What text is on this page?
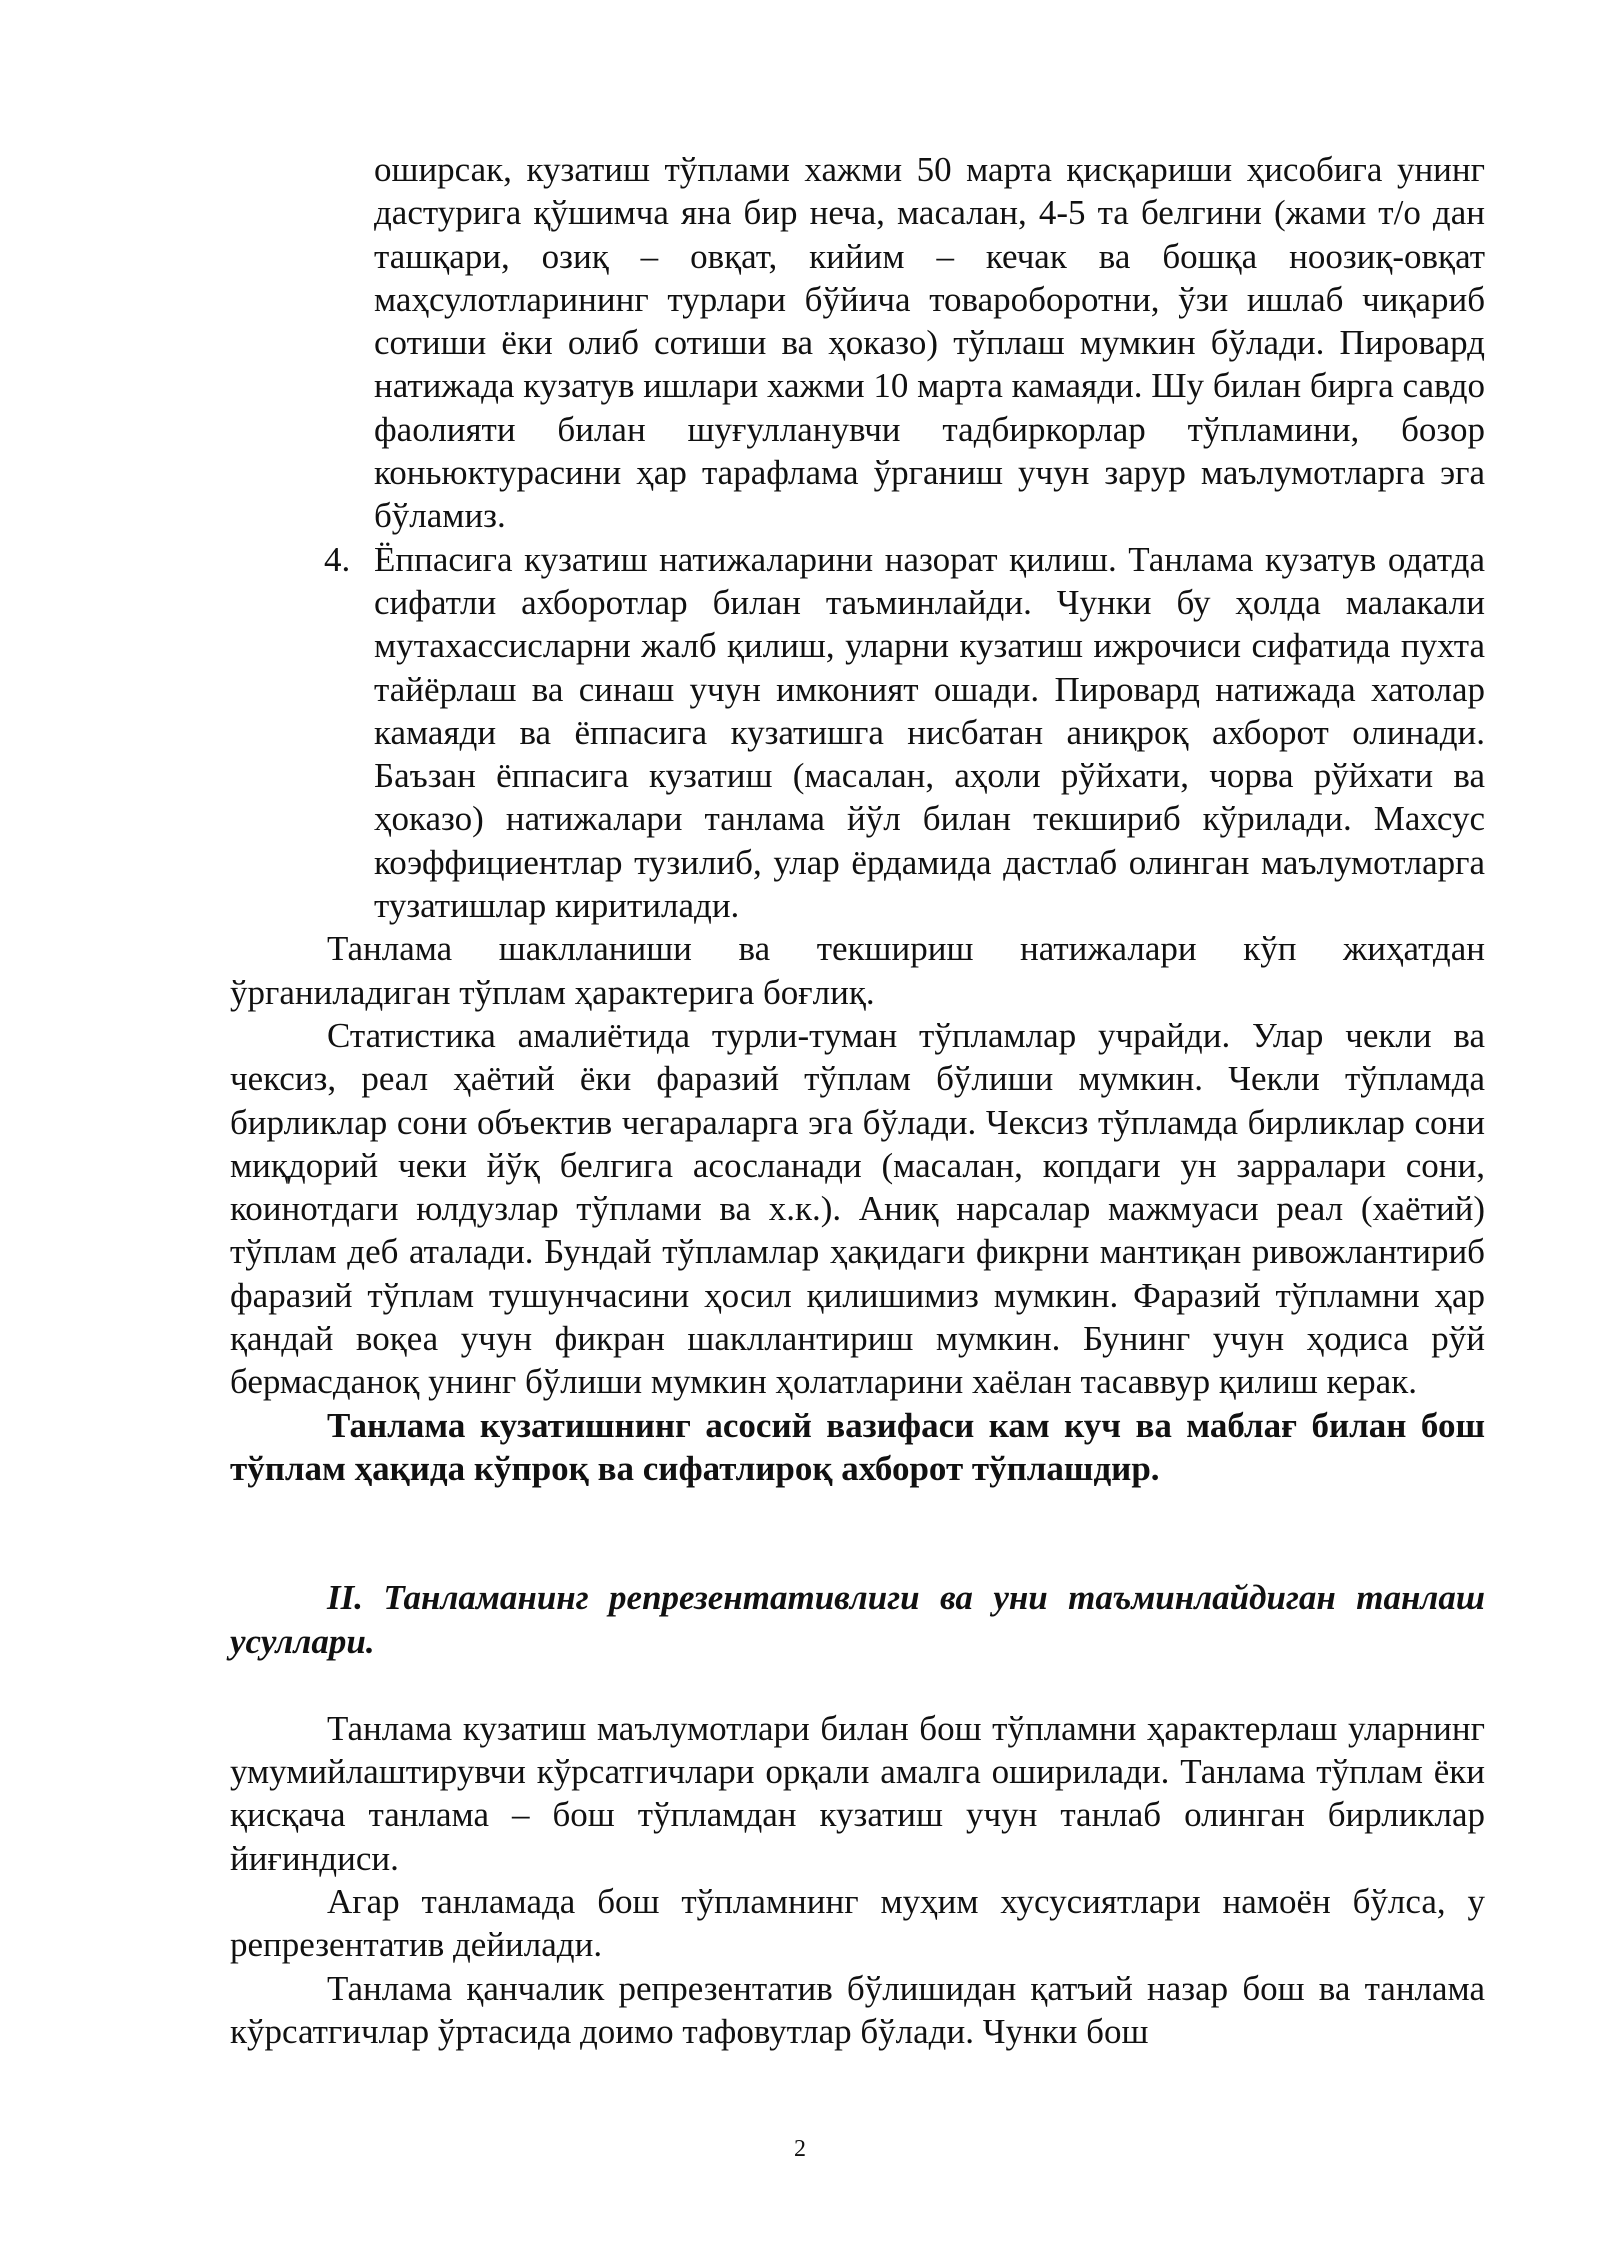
оширсак, кузатиш тўплами хажми 50 марта қисқариши ҳисобига унинг дастурига қўшимча яна бир неча, масалан, 4-5 та белгини (жами т/о дан ташқари, озиқ – овқат, кийим – кечак ва бошқа ноозиқ-овқат маҳсулотларининг турлари бўйича товароборотни, ўзи ишлаб чиқариб сотиши ёки олиб сотиши ва ҳоказо) тўплаш мумкин бўлади. Пировард натижада кузатув ишлари хажми 10 марта камаяди. Шу билан бирга савдо фаолияти билан шуғулланувчи тадбиркорлар тўпламини, бозор коньюктурасини ҳар тарафлама ўрганиш учун зарур маълумотларга эга бўламиз.

4. Ёппасига кузатиш натижаларини назорат қилиш. Танлама кузатув одатда сифатли ахборотлар билан таъминлайди. Чунки бу ҳолда малакали мутахассисларни жалб қилиш, уларни кузатиш ижрочиси сифатида пухта тайёрлаш ва синаш учун имконият ошади. Пировард натижада хатолар камаяди ва ёппасига кузатишга нисбатан аниқроқ ахборот олинади. Баъзан ёппасига кузатиш (масалан, аҳоли рўйхати, чорва рўйхати ва ҳоказо) натижалари танлама йўл билан текшириб кўрилади. Махсус коэффициентлар тузилиб, улар ёрдамида дастлаб олинган маълумотларга тузатишлар киритилади.

Танлама шаклланиши ва текшириш натижалари кўп жиҳатдан ўрганиладиган тўплам ҳарактерига боғлиқ.

Статистика амалиётида турли-туман тўпламлар учрайди. Улар чекли ва чексиз, реал ҳаётий ёки фаразий тўплам бўлиши мумкин. Чекли тўпламда бирликлар сони объектив чегараларга эга бўлади. Чексиз тўпламда бирликлар сони миқдорий чеки йўқ белгига асосланади (масалан, копдаги ун зарралари сони, коинотдаги юлдузлар тўплами ва х.к.). Аниқ нарсалар мажмуаси реал (хаётий) тўплам деб аталади. Бундай тўпламлар ҳақидаги фикрни мантиқан ривожлантириб фаразий тўплам тушунчасини ҳосил қилишимиз мумкин. Фаразий тўпламни ҳар қандай воқеа учун фикран шакллантириш мумкин. Бунинг учун ҳодиса рўй бермасданоқ унинг бўлиши мумкин ҳолатларини хаёлан тасаввур қилиш керак.

Танлама кузатишнинг асосий вазифаси кам куч ва маблағ билан бош тўплам ҳақида кўпроқ ва сифатлироқ ахборот тўплашдир.

II. Танламанинг репрезентативлиги ва уни таъминлайдиган танлаш усуллари.

Танлама кузатиш маълумотлари билан бош тўпламни ҳарактерлаш уларнинг умумийлаштирувчи кўрсатгичлари орқали амалга оширилади. Танлама тўплам ёки қисқача танлама – бош тўпламдан кузатиш учун танлаб олинган бирликлар йиғиндиси.

Агар танламада бош тўпламнинг муҳим хусусиятлари намоён бўлса, у репрезентатив дейилади.

Танлама қанчалик репрезентатив бўлишидан қатъий назар бош ва танлама кўрсатгичлар ўртасида доимо тафовутлар бўлади. Чунки бош

2
